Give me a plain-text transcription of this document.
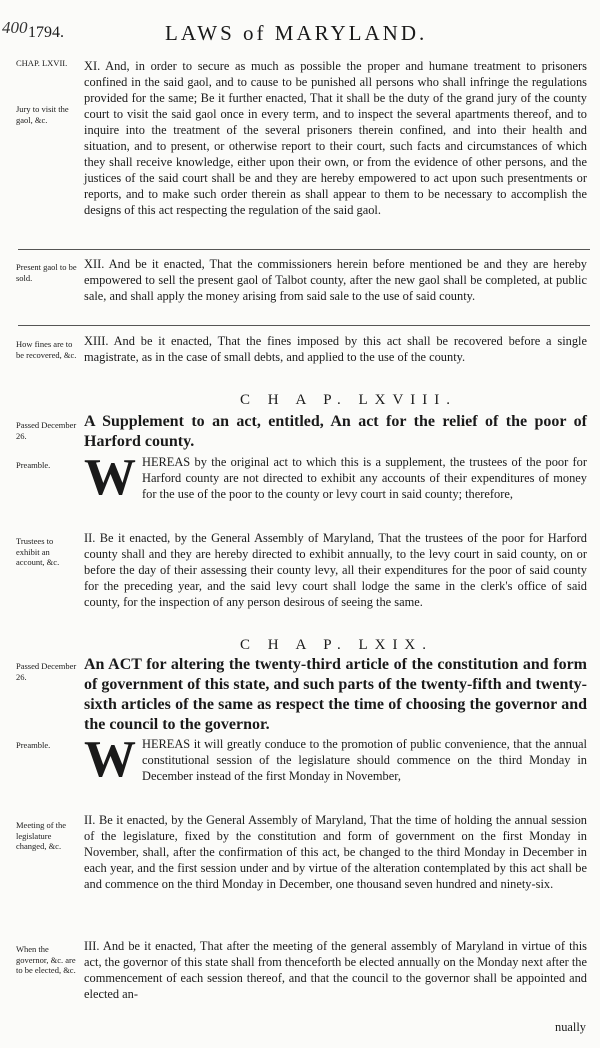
400 1794.	LAWS of MARYLAND.
CHAP. LXVII.
Jury to visit the gaol, &c.
Present gaol to be sold.
How fines are to be recovered, &c.
Passed December 26.
Preamble.
Trustees to exhibit an account, &c.
Passed December 26.
Preamble.
Meeting of the legislature changed, &c.
When the governor, &c. are to be elected, &c.
XI. And, in order to secure as much as possible the proper and humane treatment to prisoners confined in the said gaol, and to cause to be punished all persons who shall infringe the regulations provided for the same; Be it further enacted, That it shall be the duty of the grand jury of the county court to visit the said gaol once in every term, and to inspect the several apartments thereof, and to inquire into the treatment of the several prisoners therein confined, and into their health and situation, and to present, or otherwise report to their court, such facts and circumstances of which they shall receive knowledge, either upon their own, or from the evidence of other persons, and the justices of the said court shall be and they are hereby empowered to act upon such presentments or reports, and to make such order therein as shall appear to them to be necessary to accomplish the designs of this act respecting the regulation of the said gaol.
XII. And be it enacted, That the commissioners herein before mentioned be and they are hereby empowered to sell the present gaol of Talbot county, after the new gaol shall be completed, at public sale, and shall apply the money arising from said sale to the use of said county.
XIII. And be it enacted, That the fines imposed by this act shall be recovered before a single magistrate, as in the case of small debts, and applied to the use of the county.
C H A P. LXVIII.
A Supplement to an act, entitled, An act for the relief of the poor of Harford county.
W HEREAS by the original act to which this is a supplement, the trustees of the poor for Harford county are not directed to exhibit any accounts of their expenditures of money for the use of the poor to the county or levy court in said county; therefore,
II. Be it enacted, by the General Assembly of Maryland, That the trustees of the poor for Harford county shall and they are hereby directed to exhibit annually, to the levy court in said county, on or before the day of their assessing their county levy, all their expenditures for the poor of said county for the preceding year, and the said levy court shall lodge the same in the clerk's office of said county, for the inspection of any person desirous of seeing the same.
C H A P. LXIX.
An ACT for altering the twenty-third article of the constitution and form of government of this state, and such parts of the twenty-fifth and twenty-sixth articles of the same as respect the time of choosing the governor and the council to the governor.
W HEREAS it will greatly conduce to the promotion of public convenience, that the annual constitutional session of the legislature should commence on the third Monday in December instead of the first Monday in November,
II. Be it enacted, by the General Assembly of Maryland, That the time of holding the annual session of the legislature, fixed by the constitution and form of government on the first Monday in November, shall, after the confirmation of this act, be changed to the third Monday in December in each year, and the first session under and by virtue of the alteration contemplated by this act shall be and commence on the third Monday in December, one thousand seven hundred and ninety-six.
III. And be it enacted, That after the meeting of the general assembly of Maryland in virtue of this act, the governor of this state shall from thenceforth be elected annually on the Monday next after the commencement of each session thereof, and that the council to the governor shall be appointed and elected an-
nually
